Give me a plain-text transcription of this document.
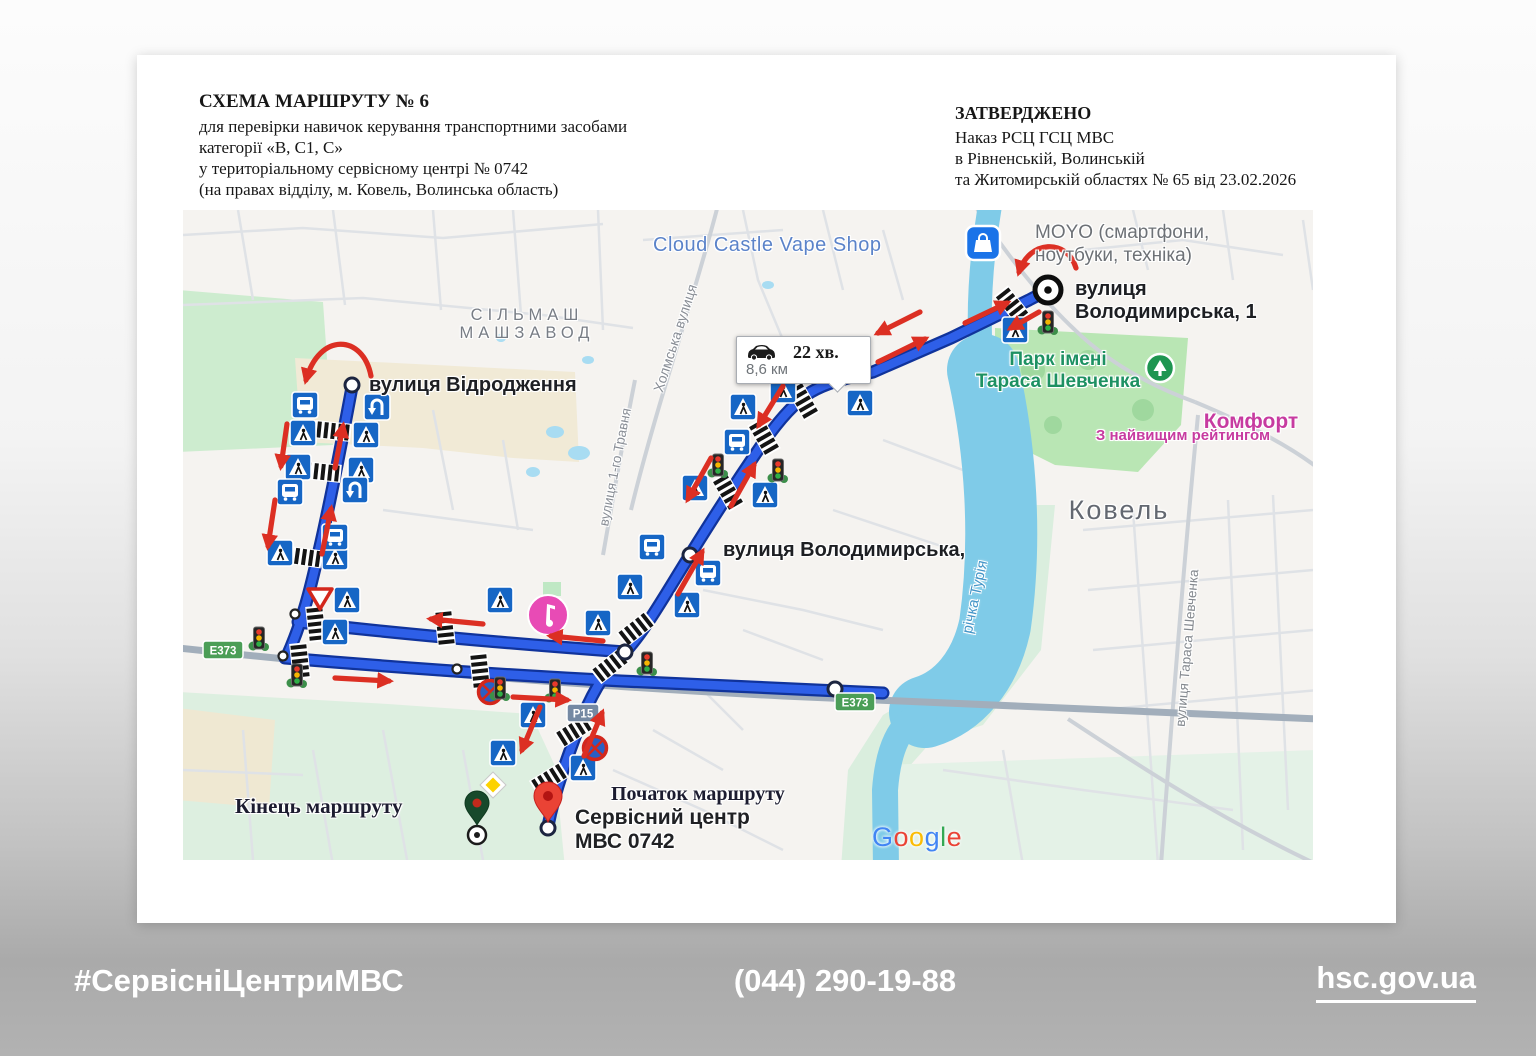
СХЕМА МАРШРУТУ № 6
для перевірки навичок керування транспортними засобами
категорії «В, С1, С»
у територіальному сервісному центрі № 0742
(на правах відділу, м. Ковель, Волинська область)
ЗАТВЕРДЖЕНО
Наказ РСЦ ГСЦ МВС
в Рівненській, Волинській
та Житомирській областях № 65 від 23.02.2026
E373
E373
Р15
Cloud Castle Vape Shop
MOYO (смартфони,
ноутбуки, техніка)
вулиця
Володимирська, 1
Парк імені
Тараса Шевченка
Комфорт
З найвищим рейтингом
Ковель
річка Турія	вулиця Тараса Шевченка
СІЛЬМАШ
МАШЗАВОД
вулиця Відродження
вулиця Володимирська,
Холмська вулиця
вулиця 1-го Травня
Кінець маршруту	Початок маршруту
Сервісний центр
МВС 0742	Google
22 хв.
8,6 км
#СервісніЦентриМВС	(044) 290-19-88	hsc.gov.ua
